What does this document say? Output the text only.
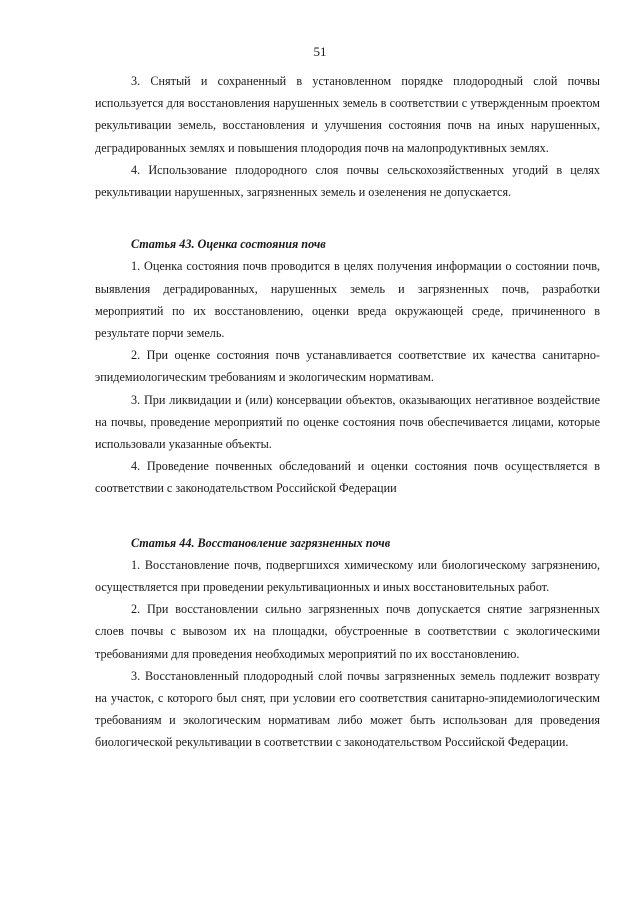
51

3. Снятый и сохраненный в установленном порядке плодородный слой почвы используется для восстановления нарушенных земель в соответствии с утвержденным проектом рекультивации земель, восстановления и улучшения состояния почв на иных нарушенных, деградированных землях и повышения плодородия почв на малопродуктивных землях.

4. Использование плодородного слоя почвы сельскохозяйственных угодий в целях рекультивации нарушенных, загрязненных земель и озеленения не допускается.

Статья 43. Оценка состояния почв

1. Оценка состояния почв проводится в целях получения информации о состоянии почв, выявления деградированных, нарушенных земель и загрязненных почв, разработки мероприятий по их восстановлению, оценки вреда окружающей среде, причиненного в результате порчи земель.

2. При оценке состояния почв устанавливается соответствие их качества санитарно-эпидемиологическим требованиям и экологическим нормативам.

3. При ликвидации и (или) консервации объектов, оказывающих негативное воздействие на почвы, проведение мероприятий по оценке состояния почв обеспечивается лицами, которые использовали указанные объекты.

4. Проведение почвенных обследований и оценки состояния почв осуществляется в соответствии с законодательством Российской Федерации

Статья 44. Восстановление загрязненных почв

1. Восстановление почв, подвергшихся химическому или биологическому загрязнению, осуществляется при проведении рекультивационных и иных восстановительных работ.

2. При восстановлении сильно загрязненных почв допускается снятие загрязненных слоев почвы с вывозом их на площадки, обустроенные в соответствии с экологическими требованиями для проведения необходимых мероприятий по их восстановлению.

3. Восстановленный плодородный слой почвы загрязненных земель подлежит возврату на участок, с которого был снят, при условии его соответствия санитарно-эпидемиологическим требованиям и экологическим нормативам либо может быть использован для проведения биологической рекультивации в соответствии с законодательством Российской Федерации.
